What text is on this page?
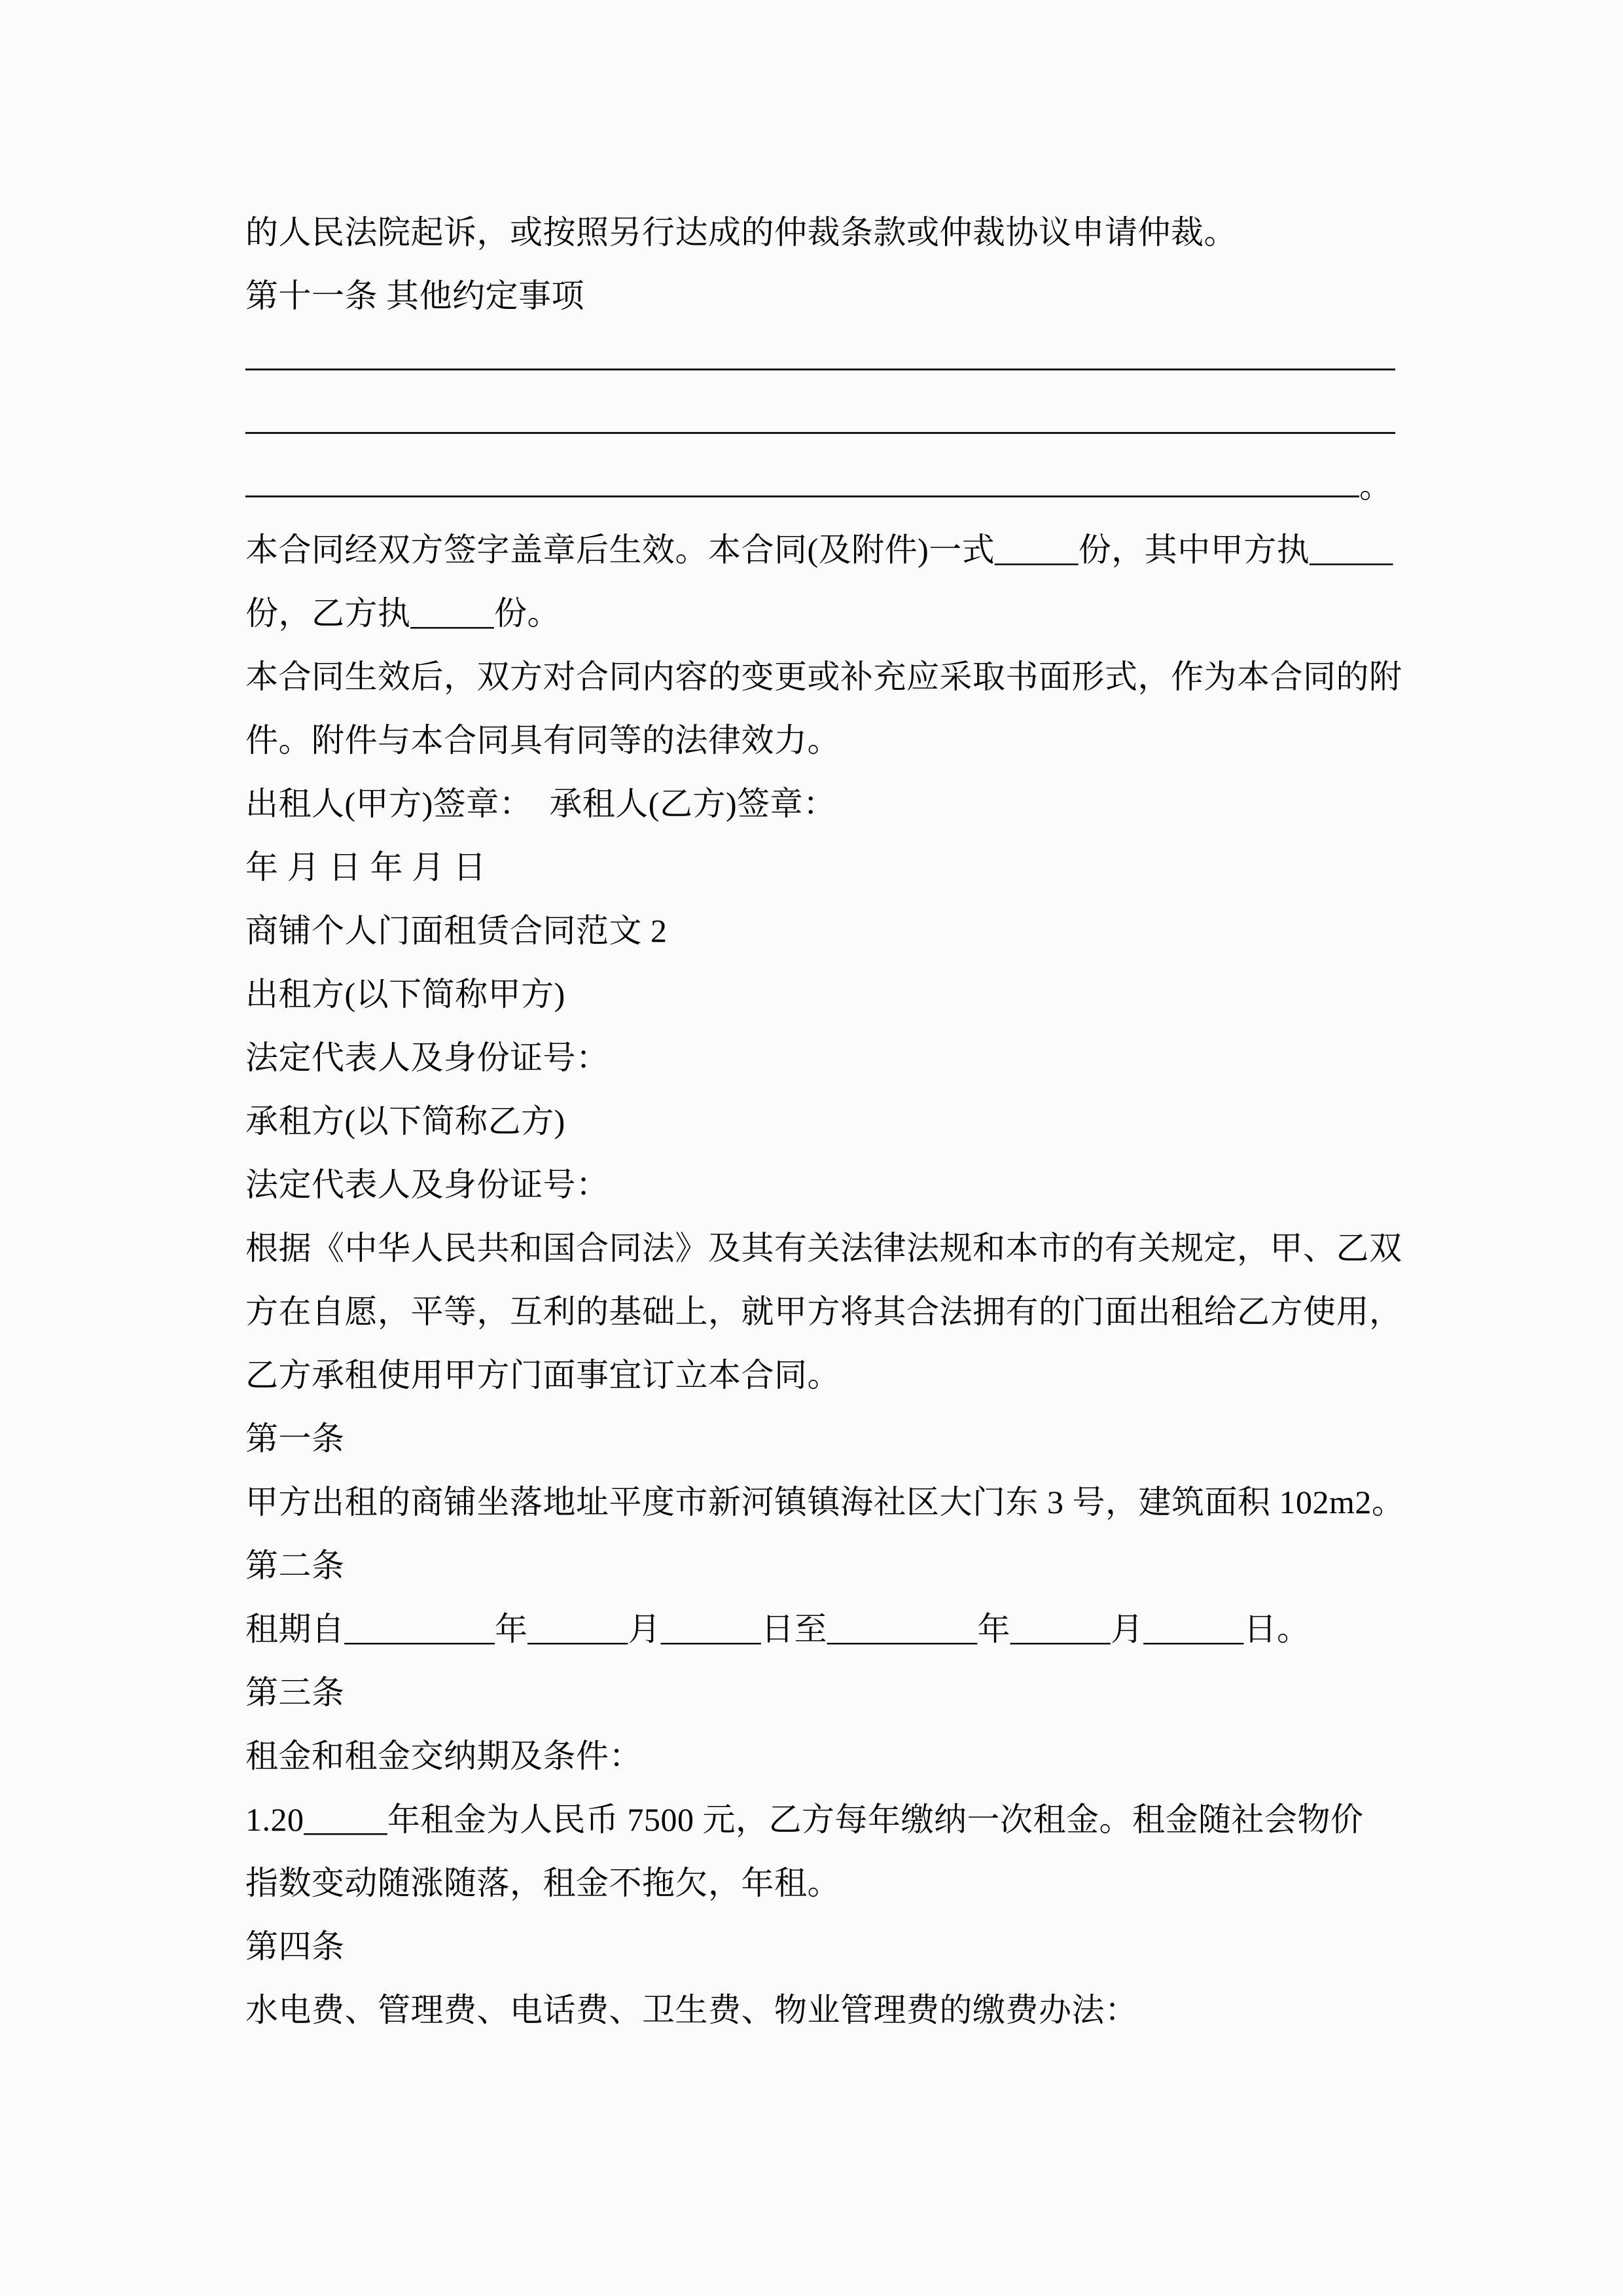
的人民法院起诉，或按照另行达成的仲裁条款或仲裁协议申请仲裁。
第十一条 其他约定事项
。
本合同经双方签字盖章后生效。本合同(及附件)一式_____份，其中甲方执_____
份，乙方执_____份。
本合同生效后，双方对合同内容的变更或补充应采取书面形式，作为本合同的附
件。附件与本合同具有同等的法律效力。
出租人(甲方)签章：  承租人(乙方)签章：
年 月 日 年 月 日
商铺个人门面租赁合同范文 2
出租方(以下简称甲方)
法定代表人及身份证号：
承租方(以下简称乙方)
法定代表人及身份证号：
根据《中华人民共和国合同法》及其有关法律法规和本市的有关规定，甲、乙双
方在自愿，平等，互利的基础上，就甲方将其合法拥有的门面出租给乙方使用，
乙方承租使用甲方门面事宜订立本合同。
第一条
甲方出租的商铺坐落地址平度市新河镇镇海社区大门东 3 号，建筑面积 102m2。
第二条
租期自_________年______月______日至_________年______月______日。
第三条
租金和租金交纳期及条件：
1.20_____年租金为人民币 7500 元，乙方每年缴纳一次租金。租金随社会物价
指数变动随涨随落，租金不拖欠，年租。
第四条
水电费、管理费、电话费、卫生费、物业管理费的缴费办法：
